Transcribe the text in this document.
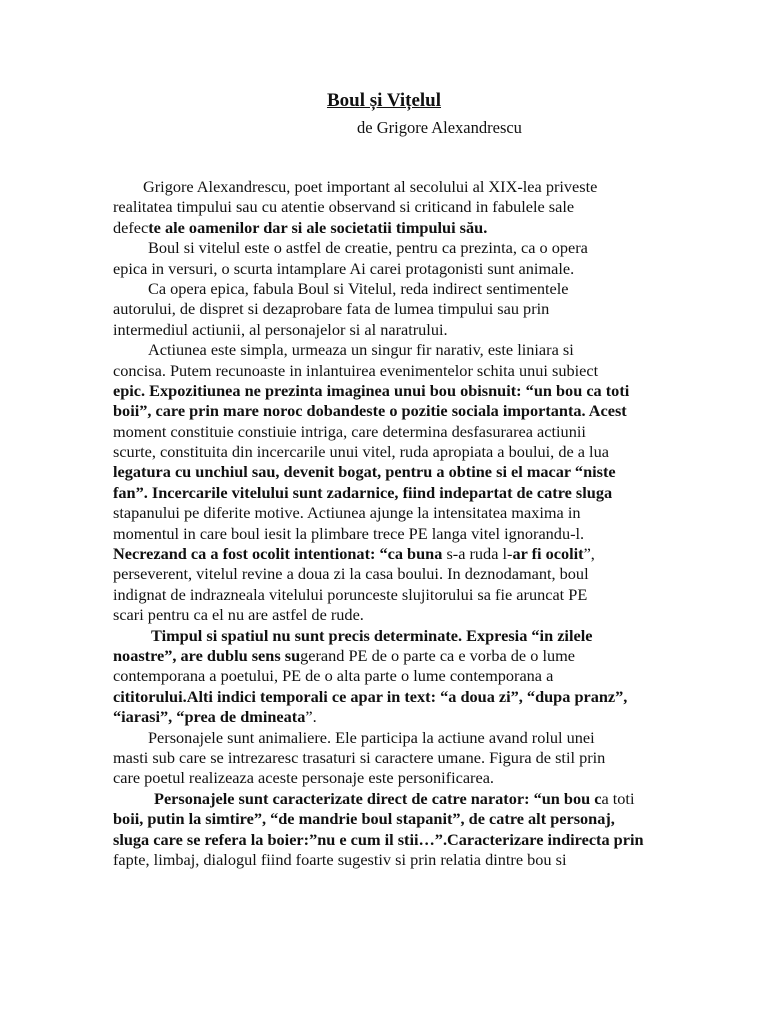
Boul și Vițelul
de Grigore Alexandrescu
Grigore Alexandrescu, poet important al secolului al XIX-lea priveste
realitatea timpului sau cu atentie observand si criticand in fabulele sale
defecte ale oamenilor dar si ale societatii timpului său.
Boul si vitelul este o astfel de creatie, pentru ca prezinta, ca o opera
epica in versuri, o scurta intamplare Ai carei protagonisti sunt animale.
Ca opera epica, fabula Boul si Vitelul, reda indirect sentimentele
autorului, de dispret si dezaprobare fata de lumea timpului sau prin
intermediul actiunii, al personajelor si al naratrului.
Actiunea este simpla, urmeaza un singur fir narativ, este liniara si
concisa. Putem recunoaste in inlantuirea evenimentelor schita unui subiect
epic. Expozitiunea ne prezinta imaginea unui bou obisnuit: “un bou ca toti
boii”, care prin mare noroc dobandeste o pozitie sociala importanta. Acest
moment constituie constiuie intriga, care determina desfasurarea actiunii
scurte, constituita din incercarile unui vitel, ruda apropiata a boului, de a lua
legatura cu unchiul sau, devenit bogat, pentru a obtine si el macar “niste
fan”. Incercarile vitelului sunt zadarnice, fiind indepartat de catre sluga
stapanului pe diferite motive. Actiunea ajunge la intensitatea maxima in
momentul in care boul iesit la plimbare trece PE langa vitel ignorandu-l.
Necrezand ca a fost ocolit intentionat: “ca buna s-a ruda l-ar fi ocolit”,
perseverent, vitelul revine a doua zi la casa boului. In deznodamant, boul
indignat de indrazneala vitelului porunceste slujitorului sa fie aruncat PE
scari pentru ca el nu are astfel de rude.
Timpul si spatiul nu sunt precis determinate. Expresia “in zilele
noastre”, are dublu sens sugerand PE de o parte ca e vorba de o lume
contemporana a poetului, PE de o alta parte o lume contemporana a
cititorului.Alti indici temporali ce apar in text: “a doua zi”, “dupa pranz”,
“iarasi”, “prea de dmineata”.
Personajele sunt animaliere. Ele participa la actiune avand rolul unei
masti sub care se intrezaresc trasaturi si caractere umane. Figura de stil prin
care poetul realizeaza aceste personaje este personificarea.
Personajele sunt caracterizate direct de catre narator: “un bou ca toti
boii, putin la simtire”, “de mandrie boul stapanit”, de catre alt personaj,
sluga care se refera la boier:”nu e cum il stii…”.Caracterizare indirecta prin
fapte, limbaj, dialogul fiind foarte sugestiv si prin relatia dintre bou si
